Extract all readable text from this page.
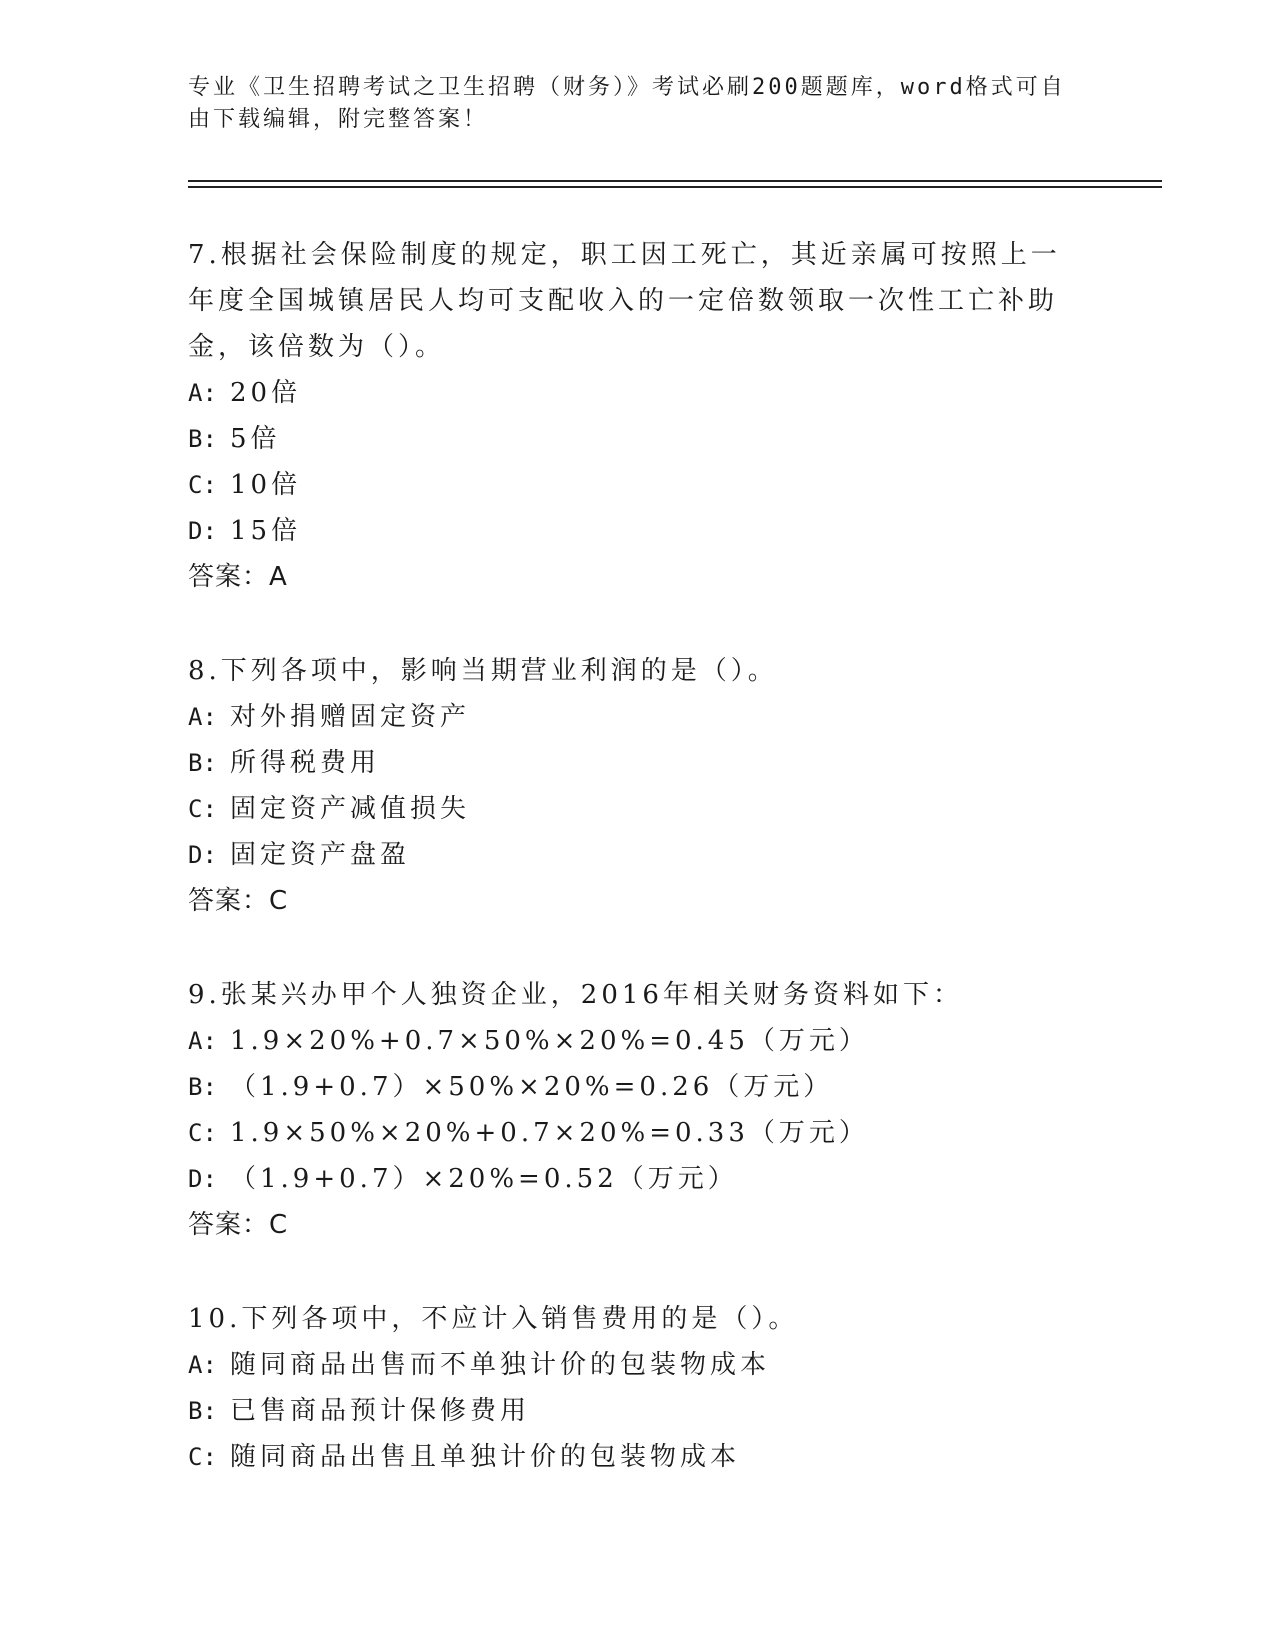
专业《卫生招聘考试之卫生招聘（财务）》考试必刷200题题库，word格式可自
由下载编辑，附完整答案！
7.根据社会保险制度的规定，职工因工死亡，其近亲属可按照上一年度全国城镇居民人均可支配收入的一定倍数领取一次性工亡补助金，该倍数为（）。
A: 20倍
B: 5倍
C: 10倍
D: 15倍
答案：A
8.下列各项中，影响当期营业利润的是（）。
A: 对外捐赠固定资产
B: 所得税费用
C: 固定资产减值损失
D: 固定资产盘盈
答案：C
9.张某兴办甲个人独资企业，2016年相关财务资料如下：
A: 1.9×20%+0.7×50%×20%=0.45（万元）
B: （1.9+0.7）×50%×20%=0.26（万元）
C: 1.9×50%×20%+0.7×20%=0.33（万元）
D: （1.9+0.7）×20%=0.52（万元）
答案：C
10.下列各项中，不应计入销售费用的是（）。
A: 随同商品出售而不单独计价的包装物成本
B: 已售商品预计保修费用
C: 随同商品出售且单独计价的包装物成本
